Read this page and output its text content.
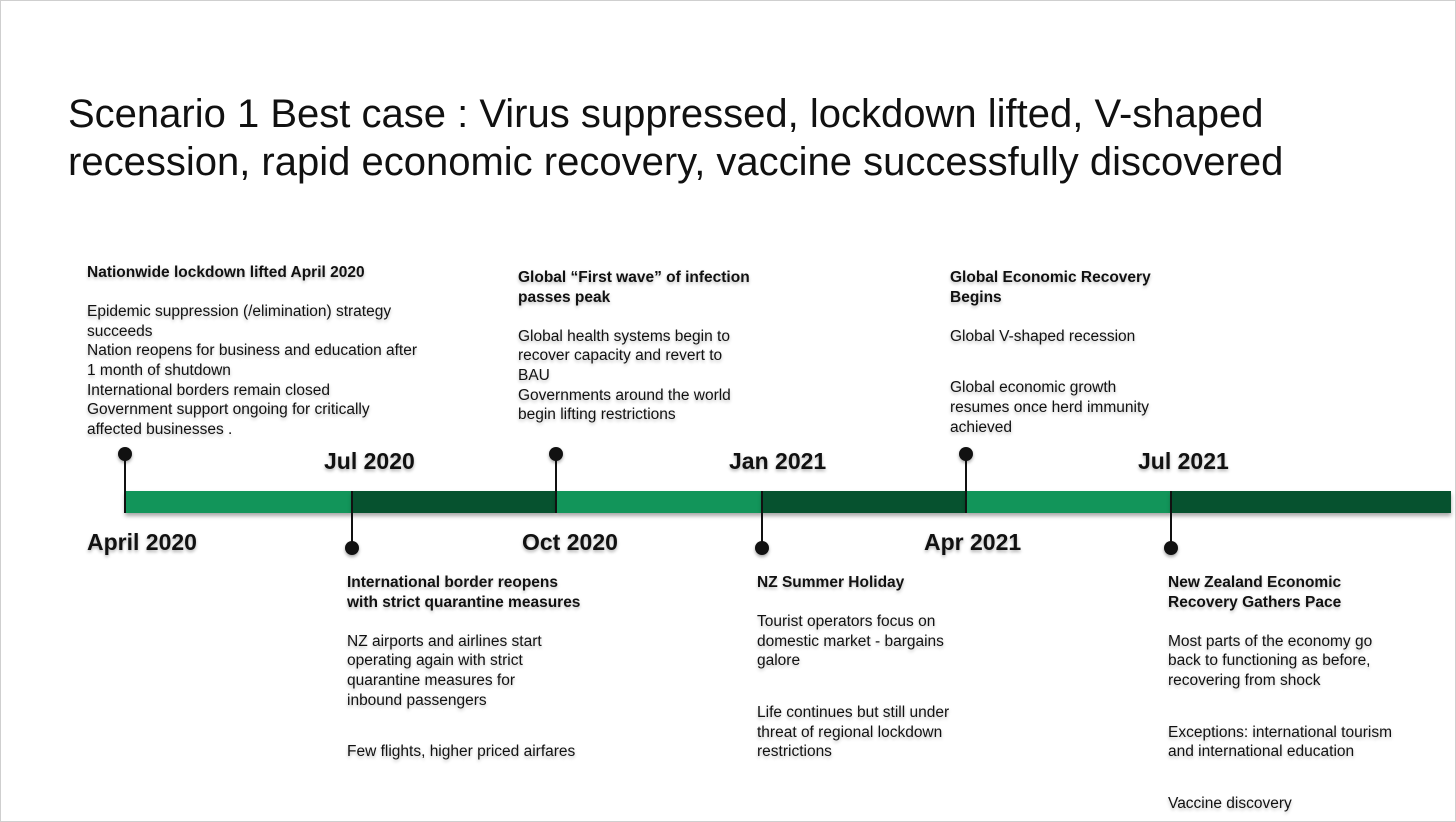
Scenario 1 Best case : Virus suppressed, lockdown lifted, V-shaped
recession, rapid economic recovery, vaccine successfully discovered
April 2020
Jul 2020
Oct 2020
Jan 2021
Apr 2021
Jul 2021

Nationwide lockdown lifted April 2020

Epidemic suppression (/elimination) strategy succeeds

Nation reopens for business and education after 1 month of shutdown

International borders remain closed

Government support ongoing for critically affected businesses .

Global “First wave” of infection passes peak

Global health systems begin to recover capacity and revert to BAU

Governments around the world begin lifting restrictions

Global Economic Recovery Begins

Global V-shaped recession

Global economic growth resumes once herd immunity achieved

International border reopens with strict quarantine measures

NZ airports and airlines start operating again with strict quarantine measures for inbound passengers

Few flights, higher priced airfares

NZ Summer Holiday

Tourist operators focus on domestic market - bargains galore

Life continues but still under threat of regional lockdown restrictions

New Zealand Economic Recovery Gathers Pace

Most parts of the economy go back to functioning as before, recovering from shock

Exceptions: international tourism and international education

Vaccine discovery
